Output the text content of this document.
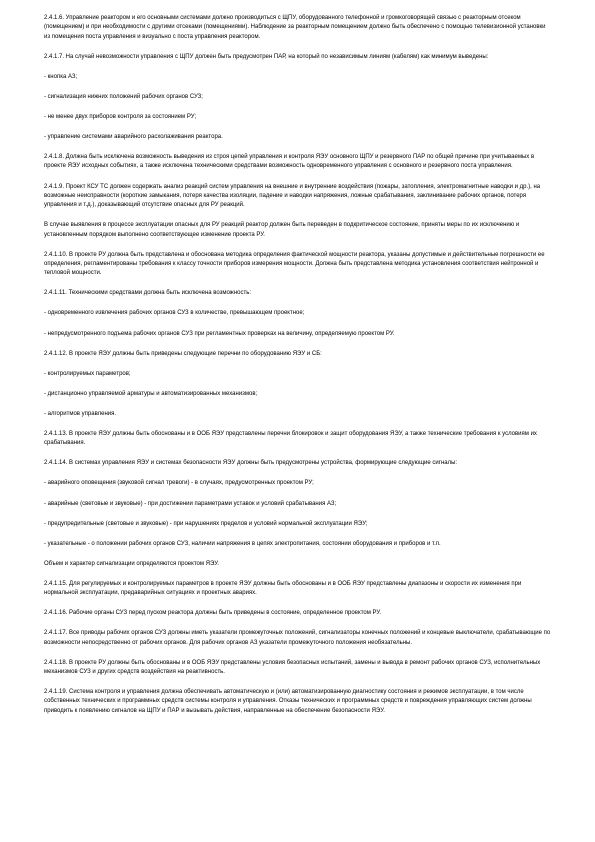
2.4.1.6. Управление реактором и его основными системами должно производиться с ЩПУ, оборудованного телефонной и громкоговорящей связью с реакторным отсеком (помещением) и при необходимости с другими отсеками (помещениями). Наблюдение за реакторным помещением должно быть обеспечено с помощью телевизионной установки из помещения поста управления и визуально с поста управления реактором.

2.4.1.7. На случай невозможности управления с ЩПУ должен быть предусмотрен ПАР, на который по независимым линиям (кабелям) как минимум выведены:

- кнопка АЗ;

- сигнализация нижних положений рабочих органов СУЗ;

- не менее двух приборов контроля за состоянием РУ;

- управление системами аварийного расхолаживания реактора.

2.4.1.8. Должна быть исключена возможность выведения из строя цепей управления и контроля ЯЭУ основного ЩПУ и резервного ПАР по общей причине при учитываемых в проекте ЯЭУ исходных событиях, а также исключена техническими средствами возможность одновременного управления с основного и резервного поста управления.

2.4.1.9. Проект КСУ ТС должен содержать анализ реакций систем управления на внешние и внутренние воздействия (пожары, затопления, электромагнитные наводки и др.), на возможные неисправности (короткие замыкания, потеря качества изоляции, падение и наводки напряжения, ложные срабатывания, заклинивание рабочих органов, потеря управления и т.д.), доказывающий отсутствие опасных для РУ реакций.

В случае выявления в процессе эксплуатации опасных для РУ реакций реактор должен быть переведен в подкритическое состояние, приняты меры по их исключению и установленным порядком выполнено соответствующее изменение проекта РУ.

2.4.1.10. В проекте РУ должна быть представлена и обоснована методика определения фактической мощности реактора, указаны допустимые и действительные погрешности ее определения, регламентированы требования к классу точности приборов измерения мощности. Должна быть представлена методика установления соответствия нейтронной и тепловой мощности.

2.4.1.11. Техническими средствами должна быть исключена возможность:

- одновременного извлечения рабочих органов СУЗ в количестве, превышающем проектное;

- непредусмотренного подъема рабочих органов СУЗ при регламентных проверках на величину, определяемую проектом РУ.

2.4.1.12. В проекте ЯЭУ должны быть приведены следующие перечни по оборудованию ЯЭУ и СБ:

- контролируемых параметров;

- дистанционно управляемой арматуры и автоматизированных механизмов;

- алгоритмов управления.

2.4.1.13. В проекте ЯЭУ должны быть обоснованы и в ООБ ЯЭУ представлены перечни блокировок и защит оборудования ЯЭУ, а также технические требования к условиям их срабатывания.

2.4.1.14. В системах управления ЯЭУ и системах безопасности ЯЭУ должны быть предусмотрены устройства, формирующие следующие сигналы:

- аварийного оповещения (звуковой сигнал тревоги) - в случаях, предусмотренных проектом РУ;

- аварийные (световые и звуковые) - при достижении параметрами уставок и условий срабатывания АЗ;

- предупредительные (световые и звуковые) - при нарушениях пределов и условий нормальной эксплуатации ЯЭУ;

- указательные - о положении рабочих органов СУЗ, наличии напряжения в цепях электропитания, состоянии оборудования и приборов и т.п.

Объем и характер сигнализации определяются проектом ЯЭУ.

2.4.1.15. Для регулируемых и контролируемых параметров в проекте ЯЭУ должны быть обоснованы и в ООБ ЯЭУ представлены диапазоны и скорости их изменения при нормальной эксплуатации, предаварийных ситуациях и проектных авариях.

2.4.1.16. Рабочие органы СУЗ перед пуском реактора должны быть приведены в состояние, определенное проектом РУ.

2.4.1.17. Все приводы рабочих органов СУЗ должны иметь указатели промежуточных положений, сигнализаторы конечных положений и концевые выключатели, срабатывающие по возможности непосредственно от рабочих органов. Для рабочих органов АЗ указатели промежуточного положения необязательны.

2.4.1.18. В проекте РУ должны быть обоснованы и в ООБ ЯЭУ представлены условия безопасных испытаний, замены и вывода в ремонт рабочих органов СУЗ, исполнительных механизмов СУЗ и других средств воздействия на реактивность.

2.4.1.19. Система контроля и управления должна обеспечивать автоматическую и (или) автоматизированную диагностику состояния и режимов эксплуатации, в том числе собственных технических и программных средств системы контроля и управления. Отказы технических и программных средств и повреждения управляющих систем должны приводить к появлению сигналов на ЩПУ и ПАР и вызывать действия, направленные на обеспечение безопасности ЯЭУ.
